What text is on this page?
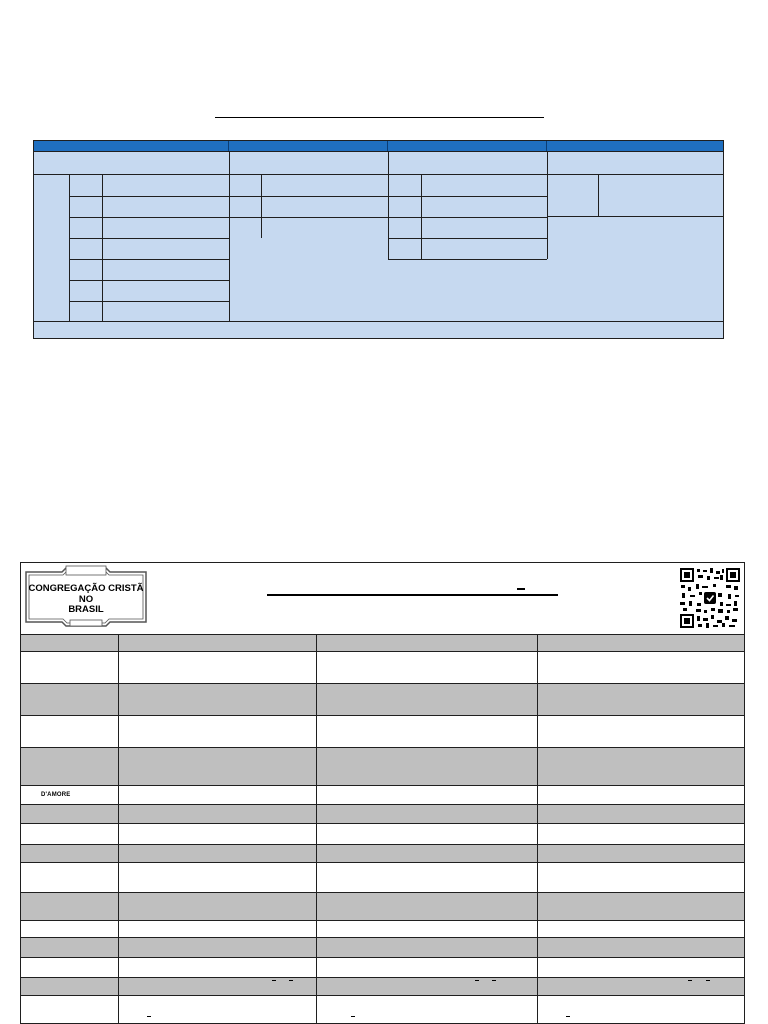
CONGREGAÇÃO CRISTÃ
NO
BRASIL
D'AMORE
